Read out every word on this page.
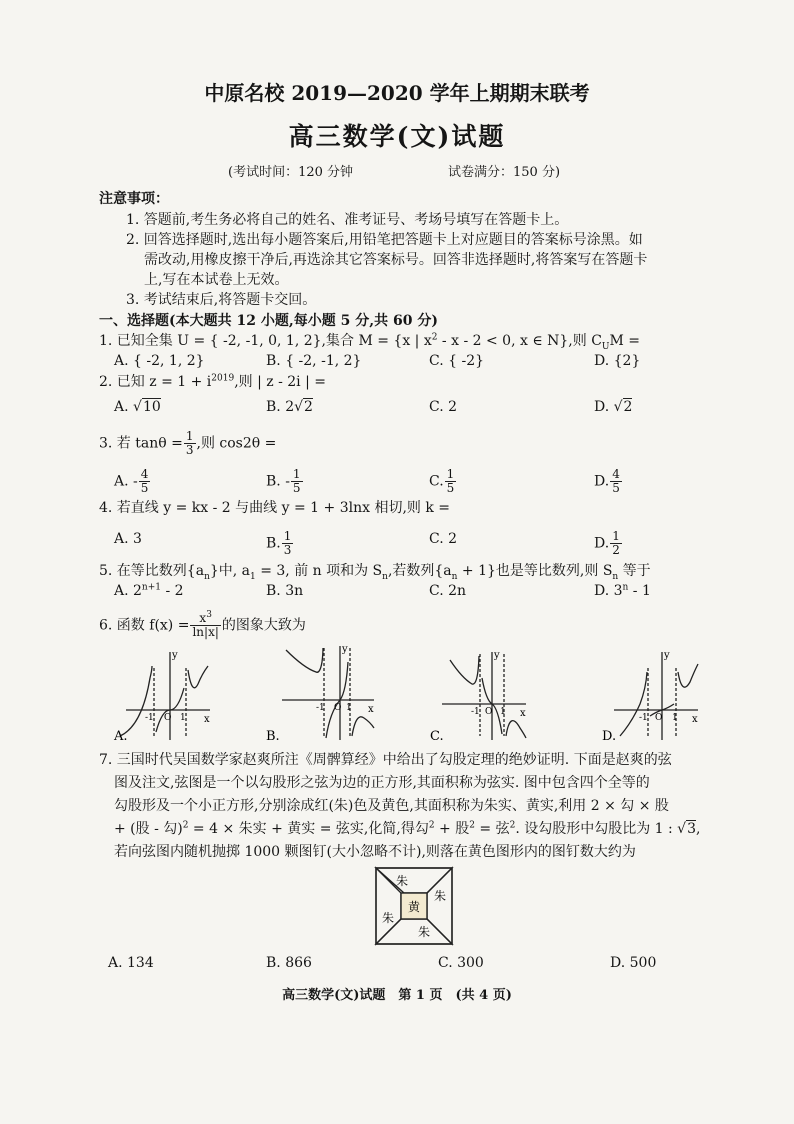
中原名校 2019—2020 学年上期期末联考
高三数学(文)试题
(考试时间：120 分钟	试卷满分：150 分)
注意事项：
1. 答题前,考生务必将自己的姓名、准考证号、考场号填写在答题卡上。
2. 回答选择题时,选出每小题答案后,用铅笔把答题卡上对应题目的答案标号涂黑。如
需改动,用橡皮擦干净后,再选涂其它答案标号。回答非选择题时,将答案写在答题卡
上,写在本试卷上无效。
3. 考试结束后,将答题卡交回。
一、选择题(本大题共 12 小题,每小题 5 分,共 60 分)
1. 已知全集 U = { -2, -1, 0, 1, 2},集合 M = {x | $x^2 - x - 2 < 0$, x ∈ N},则 $C_UM$ =
A. { -2, 1, 2}	B. { -2, -1, 2}	C. { -2}	D. {2}
2. 已知 $z = 1 + i^{2019}$,则 | z - 2i | =
A. √10	B. 2√2	C. 2	D. √2
3. 若 $\tan\theta = \frac{1}{3}$ ,则 cos2θ =
A. - $\frac{4}{5}$	B. - $\frac{1}{5}$	C. $\frac{1}{5}$	D. $\frac{4}{5}$
4. 若直线 y = kx - 2 与曲线 y = 1 + 3lnx 相切,则 k =
A. 3	B. $\frac{1}{3}$	C. 2	D. $\frac{1}{2}$
5. 在等比数列$\{a_n\}$中, $a_1 = 3$, 前 n 项和为 $S_n$,若数列$\{a_n + 1\}$也是等比数列,则 $S_n$ 等于
A. $2^{n+1} - 2$	B. 3n	C. 2n	D. 3$^n$ - 1
6. 函数 $f(x) = \frac{x^3}{\ln|x|}$ 的图象大致为
y
x
-1 O 1
A.
y
x
-1 O 1
B.
y
x
-1 O 1
C.
y
x
-1 O 1
D.
7. 三国时代吴国数学家赵爽所注《周髀算经》中给出了勾股定理的绝妙证明. 下面是赵爽的弦
图及注文,弦图是一个以勾股形之弦为边的正方形,其面积称为弦实. 图中包含四个全等的
勾股形及一个小正方形,分别涂成红(朱)色及黄色,其面积称为朱实、黄实,利用 2 × 勾 × 股
+ (股 - 勾)$^2$ = 4 × 朱实 + 黄实 = 弦实,化简,得勾$^2$ + 股$^2$ = 弦$^2$. 设勾股形中勾股比为 1 : √3,
若向弦图内随机抛掷 1000 颗图钉(大小忽略不计),则落在黄色图形内的图钉数大约为
朱
朱
朱
朱
黄
A. 134	B. 866	C. 300	D. 500
高三数学(文)试题　第 1 页　(共 4 页)
